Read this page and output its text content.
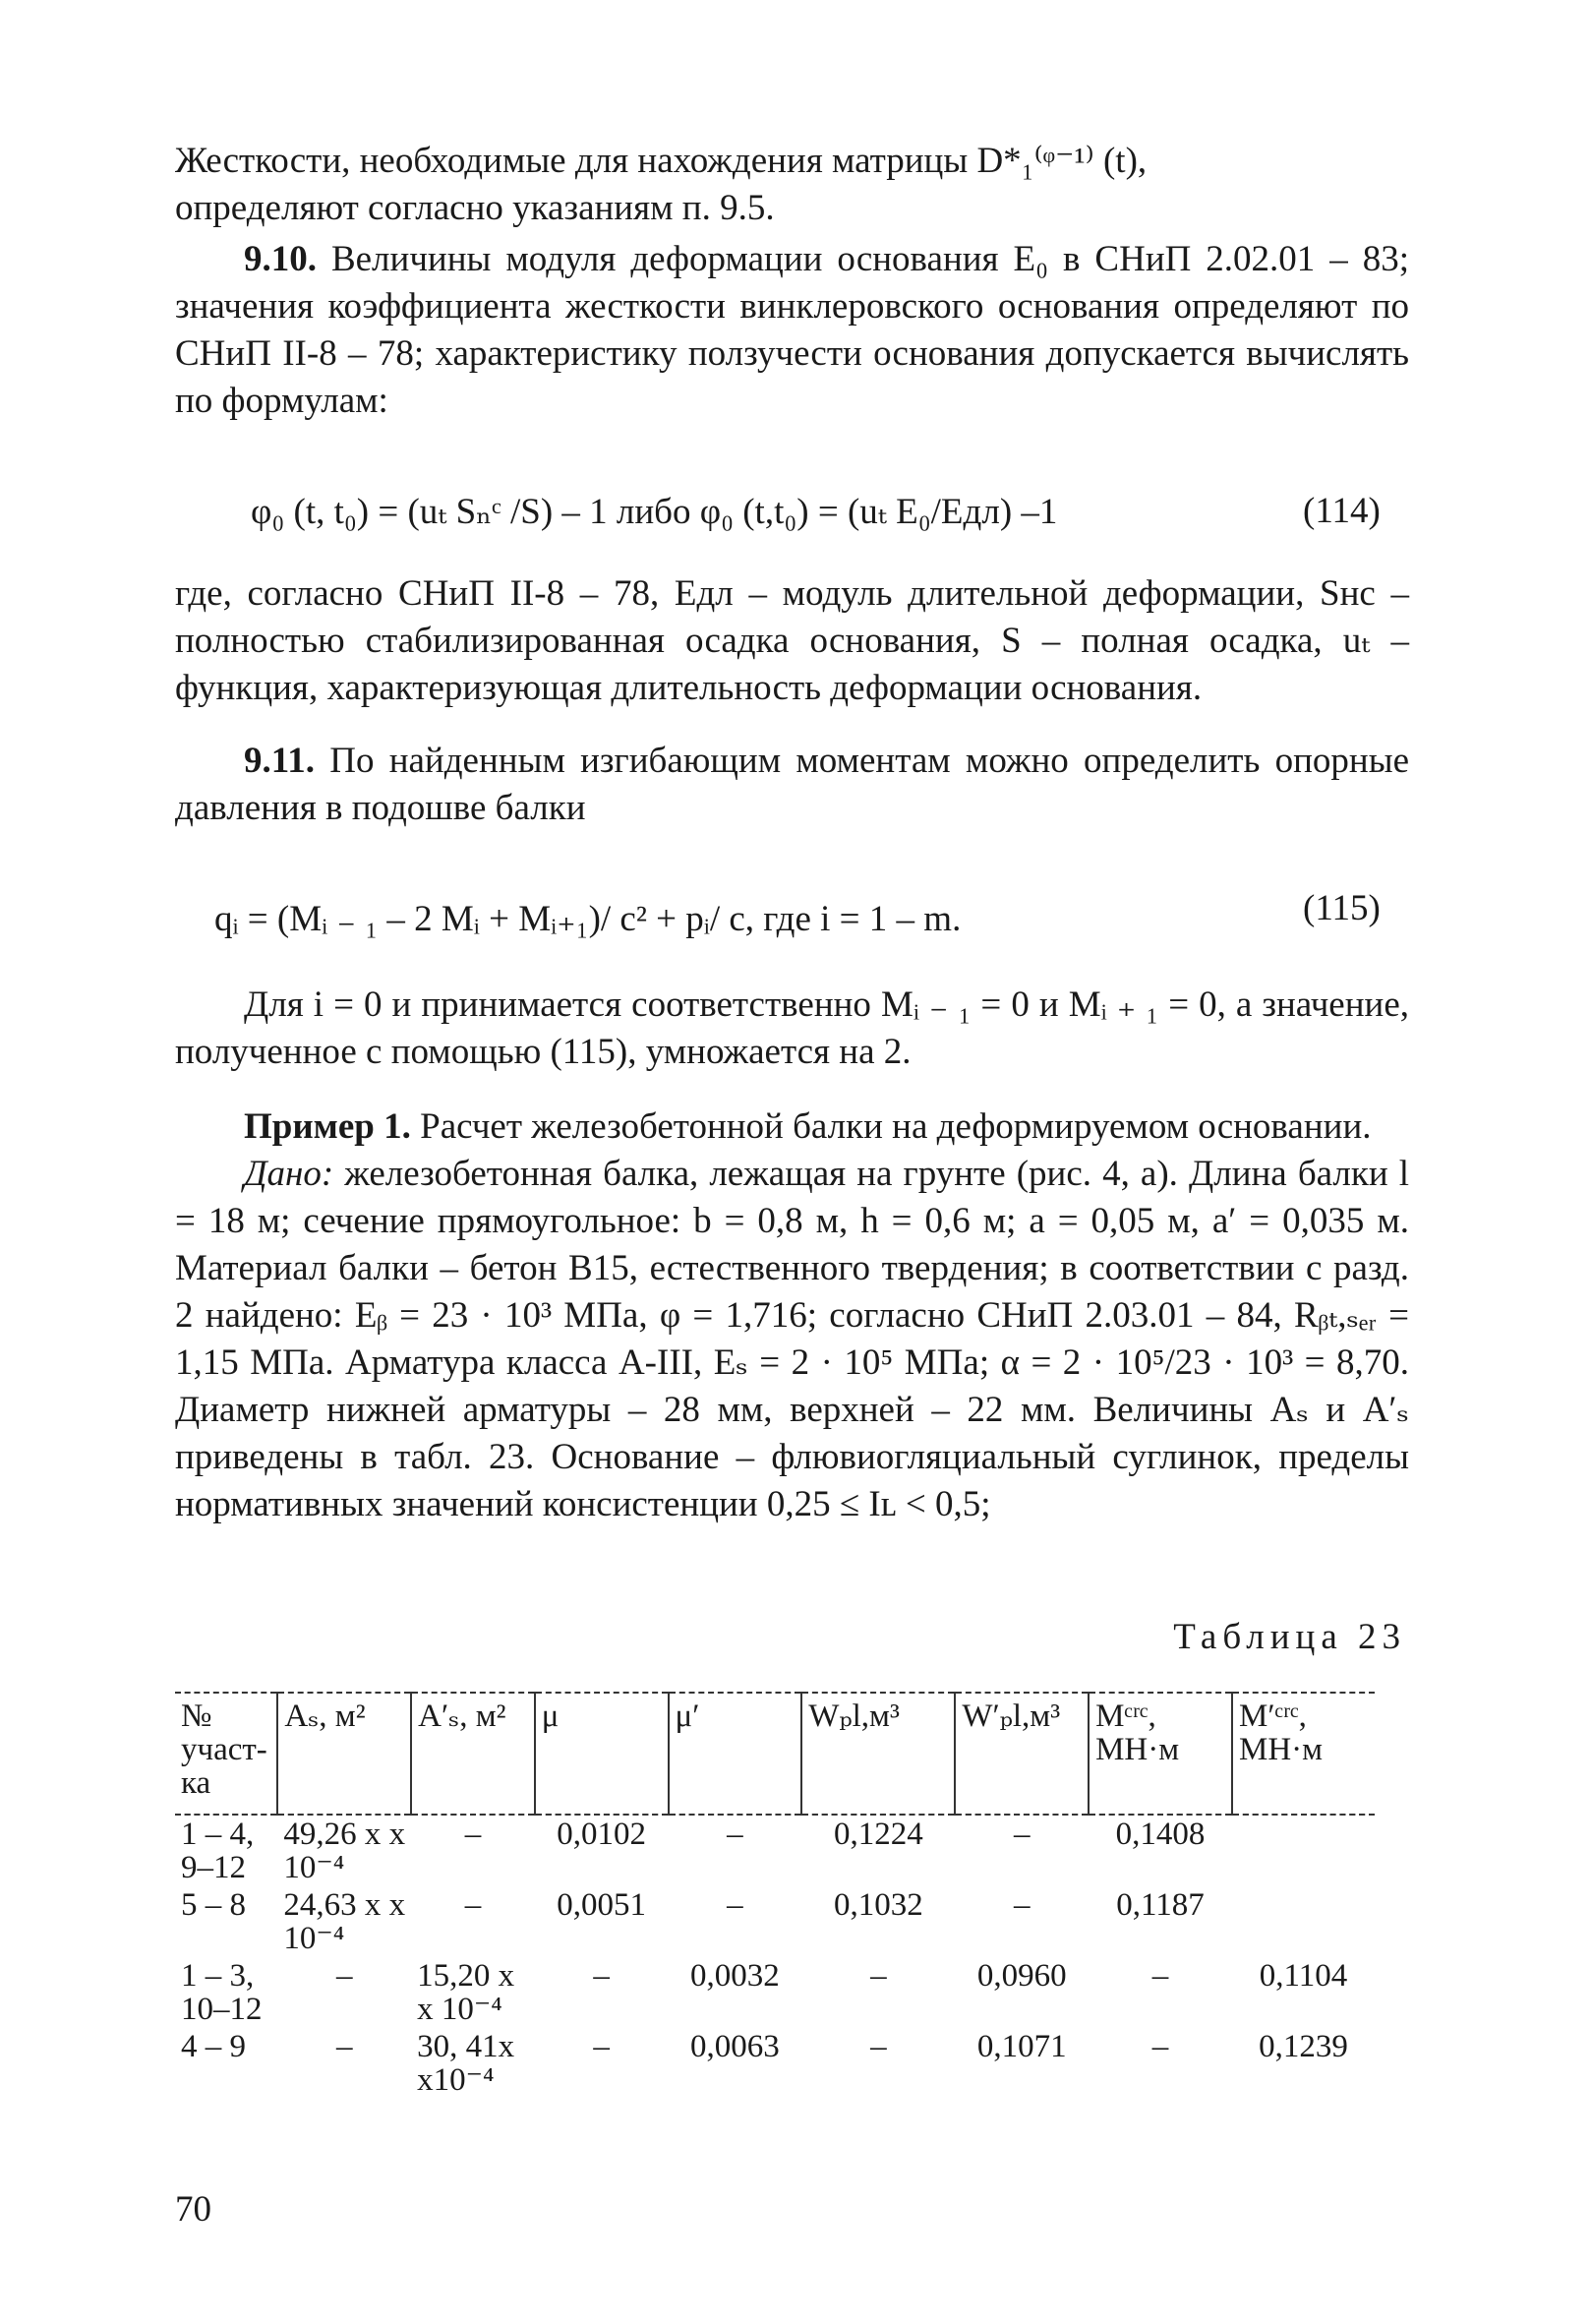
Жесткости, необходимые для нахождения матрицы D*₁⁽ᵠ⁻¹⁾ (t),

определяют согласно указаниям п. 9.5.

9.10. Величины модуля деформации основания E₀ в СНиП 2.02.01 – 83; значения коэффициента жесткости винклеровского основания определяют по СНиП II-8 – 78; характеристику ползучести основания допускается вычислять по формулам:

φ₀ (t, t₀) = (uₜ Sₙᶜ /S) – 1 либо φ₀ (t,t₀) = (uₜ E₀/Eдл) –1	(114)

где, согласно СНиП II-8 – 78, Eдл – модуль длительной деформации, Sнс – полностью стабилизированная осадка основания, S – полная осадка, uₜ – функция, характеризующая длительность деформации основания.

9.11. По найденным изгибающим моментам можно определить опорные давления в подошве балки

qᵢ = (Mᵢ ₋ ₁ – 2 Mᵢ + Mᵢ₊₁)/ c² + pᵢ/ c, где i = 1 – m.	(115)

Для i = 0 и принимается соответственно Mᵢ ₋ ₁ = 0 и Mᵢ ₊ ₁ = 0, а значение, полученное с помощью (115), умножается на 2.

Пример 1. Расчет железобетонной балки на деформируемом основании.

Дано: железобетонная балка, лежащая на грунте (рис. 4, а). Длина балки l = 18 м; сечение прямоугольное: b = 0,8 м, h = 0,6 м; a = 0,05 м, a′ = 0,035 м. Материал балки – бетон B15, естественного твердения; в соответствии с разд. 2 найдено: Eᵦ = 23 · 10³ МПа, φ = 1,716; согласно СНиП 2.03.01 – 84, Rᵦₜ,ₛₑᵣ = 1,15 МПа. Арматура класса A-III, Eₛ = 2 · 10⁵ МПа; α = 2 · 10⁵/23 · 10³ = 8,70. Диаметр нижней арматуры – 28 мм, верхней – 22 мм. Величины Aₛ и A′ₛ приведены в табл. 23. Основание – флювиогляциальный суглинок, пределы нормативных значений консистенции 0,25 ≤ Iʟ < 0,5;

Таблица 23
№ участ-ка	Aₛ, м²	A′ₛ, м²	μ	μ′	Wₚl,м³	W′ₚl,м³	Mᶜʳᶜ, МН·м	M′ᶜʳᶜ, МН·м
1 – 4, 9–12	49,26 x x 10⁻⁴	–	0,0102	–	0,1224	–	0,1408	
5 – 8	24,63 x x 10⁻⁴	–	0,0051	–	0,1032	–	0,1187	
1 – 3, 10–12	–	15,20 x x 10⁻⁴	–	0,0032	–	0,0960	–	0,1104
4 – 9	–	30, 41x x10⁻⁴	–	0,0063	–	0,1071	–	0,1239
70
